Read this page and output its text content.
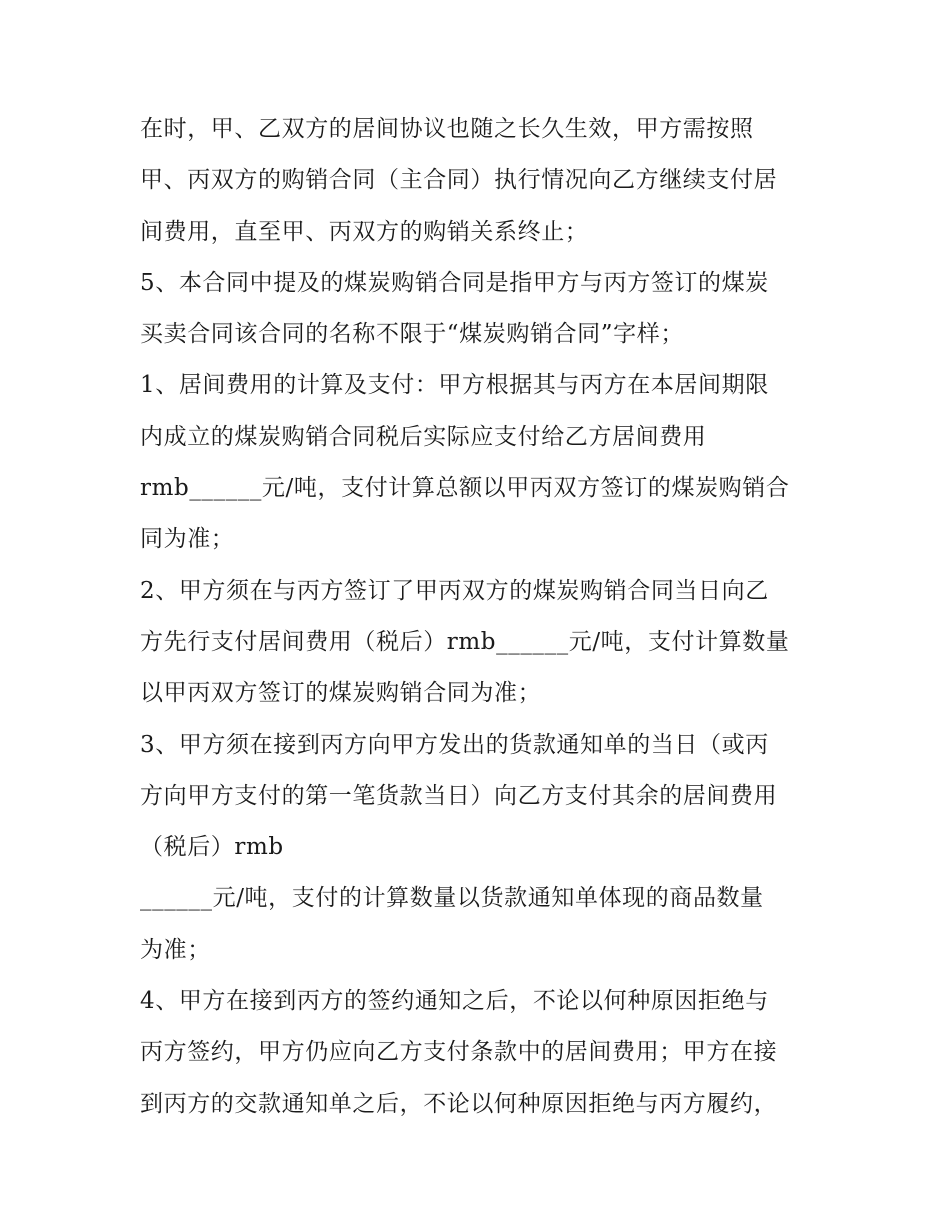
在时，甲、乙双方的居间协议也随之长久生效，甲方需按照
甲、丙双方的购销合同（主合同）执行情况向乙方继续支付居
间费用，直至甲、丙双方的购销关系终止；
5、本合同中提及的煤炭购销合同是指甲方与丙方签订的煤炭
买卖合同该合同的名称不限于“煤炭购销合同”字样；
1、居间费用的计算及支付：甲方根据其与丙方在本居间期限
内成立的煤炭购销合同税后实际应支付给乙方居间费用
rmb______元/吨，支付计算总额以甲丙双方签订的煤炭购销合
同为准；
2、甲方须在与丙方签订了甲丙双方的煤炭购销合同当日向乙
方先行支付居间费用（税后）rmb______元/吨，支付计算数量
以甲丙双方签订的煤炭购销合同为准；
3、甲方须在接到丙方向甲方发出的货款通知单的当日（或丙
方向甲方支付的第一笔货款当日）向乙方支付其余的居间费用
（税后）rmb
______元/吨，支付的计算数量以货款通知单体现的商品数量
为准；
4、甲方在接到丙方的签约通知之后，不论以何种原因拒绝与
丙方签约，甲方仍应向乙方支付条款中的居间费用；甲方在接
到丙方的交款通知单之后，不论以何种原因拒绝与丙方履约，
